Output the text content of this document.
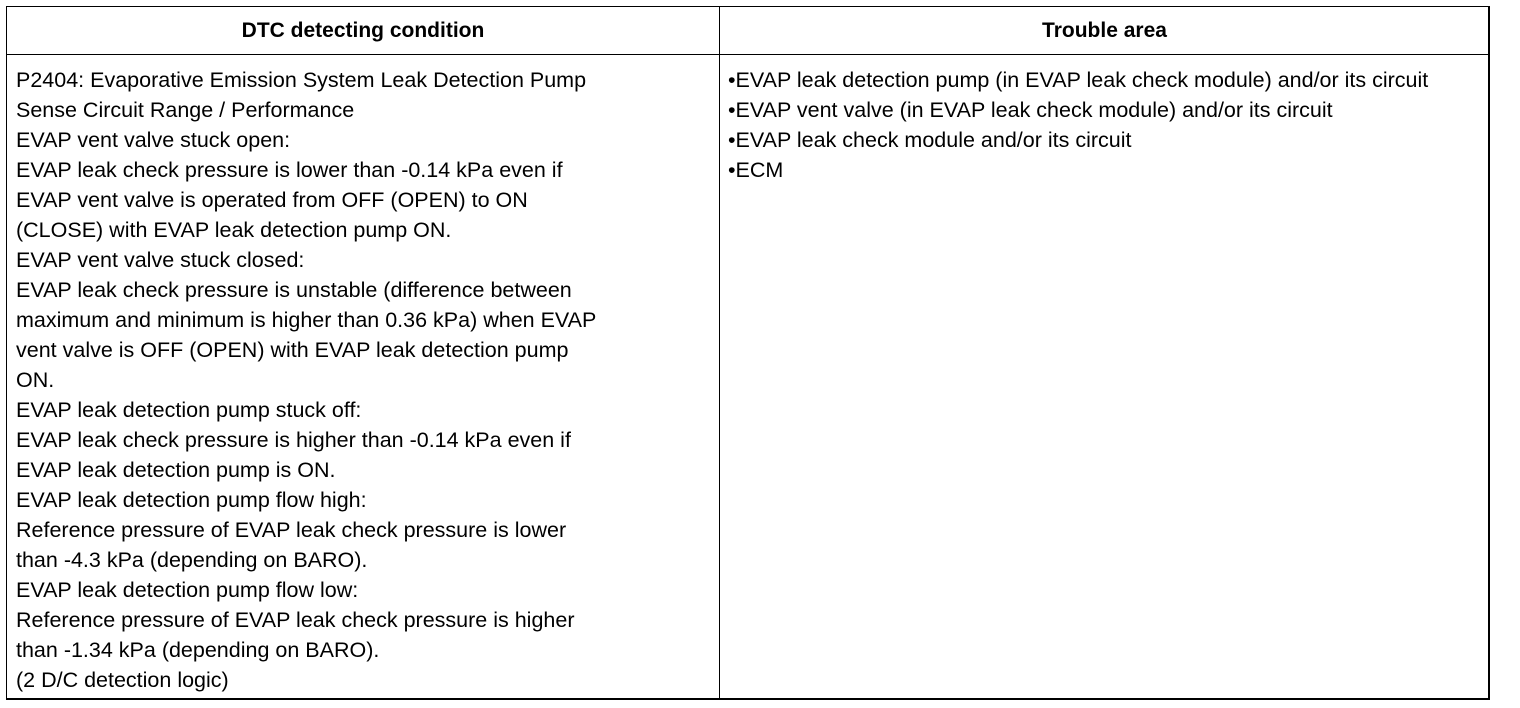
DTC detecting condition	Trouble area
P2404: Evaporative Emission System Leak Detection Pump
Sense Circuit Range / Performance
EVAP vent valve stuck open:
EVAP leak check pressure is lower than -0.14 kPa even if
EVAP vent valve is operated from OFF (OPEN) to ON
(CLOSE) with EVAP leak detection pump ON.
EVAP vent valve stuck closed:
EVAP leak check pressure is unstable (difference between
maximum and minimum is higher than 0.36 kPa) when EVAP
vent valve is OFF (OPEN) with EVAP leak detection pump
ON.
EVAP leak detection pump stuck off:
EVAP leak check pressure is higher than -0.14 kPa even if
EVAP leak detection pump is ON.
EVAP leak detection pump flow high:
Reference pressure of EVAP leak check pressure is lower
than -4.3 kPa (depending on BARO).
EVAP leak detection pump flow low:
Reference pressure of EVAP leak check pressure is higher
than -1.34 kPa (depending on BARO).
(2 D/C detection logic)
•EVAP leak detection pump (in EVAP leak check module) and/or its circuit
•EVAP vent valve (in EVAP leak check module) and/or its circuit
•EVAP leak check module and/or its circuit
•ECM
